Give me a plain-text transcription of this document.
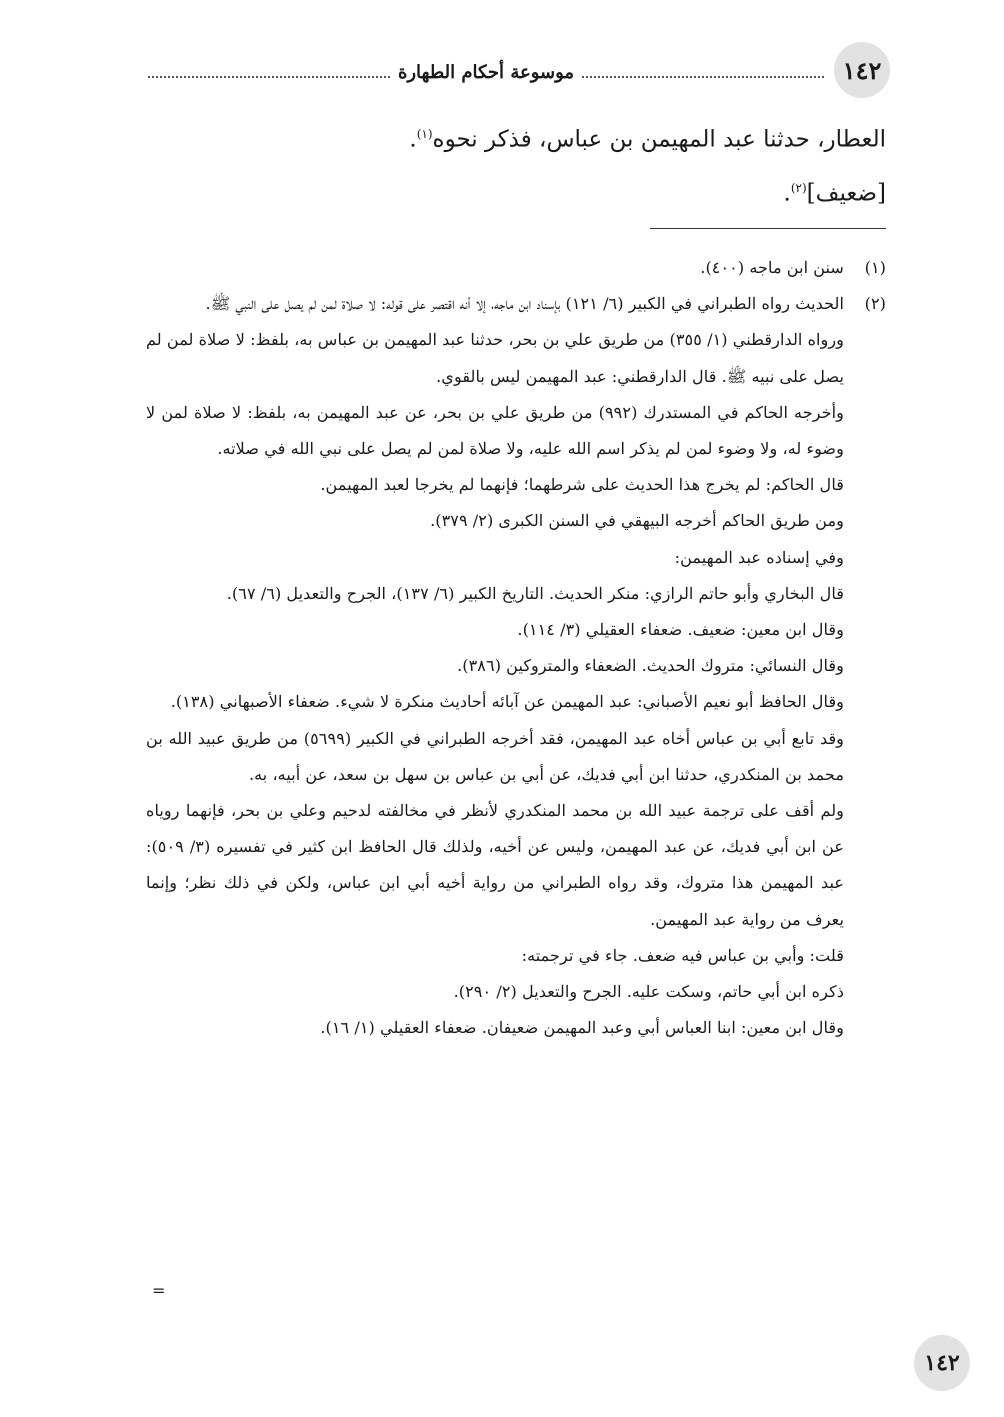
١٤٢
موسوعة أحكام الطهارة

العطار، حدثنا عبد المهيمن بن عباس، فذكر نحوه$^{(١)}$.

[ضعيف]$^{(٢)}$.

(١)
سنن ابن ماجه (٤٠٠).
(٢)
الحديث رواه الطبراني في الكبير (٦/ ١٢١) بإسناد ابن ماجه، إلا أنه اقتصر على قوله: لا صلاة لمن لم يصل على النبي ﷺ.
ورواه الدارقطني (١/ ٣٥٥) من طريق علي بن بحر، حدثنا عبد المهيمن بن عباس به، بلفظ: لا صلاة لمن لم يصل على نبيه ﷺ. قال الدارقطني: عبد المهيمن ليس بالقوي.
وأخرجه الحاكم في المستدرك (٩٩٢) من طريق علي بن بحر، عن عبد المهيمن به، بلفظ: لا صلاة لمن لا وضوء له، ولا وضوء لمن لم يذكر اسم الله عليه، ولا صلاة لمن لم يصل على نبي الله في صلاته.
قال الحاكم: لم يخرج هذا الحديث على شرطهما؛ فإنهما لم يخرجا لعبد المهيمن.
ومن طريق الحاكم أخرجه البيهقي في السنن الكبرى (٢/ ٣٧٩).
وفي إسناده عبد المهيمن:
قال البخاري وأبو حاتم الرازي: منكر الحديث. التاريخ الكبير (٦/ ١٣٧)، الجرح والتعديل (٦/ ٦٧).
وقال ابن معين: ضعيف. ضعفاء العقيلي (٣/ ١١٤).
وقال النسائي: متروك الحديث. الضعفاء والمتروكين (٣٨٦).
وقال الحافظ أبو نعيم الأصباني: عبد المهيمن عن آبائه أحاديث منكرة لا شيء. ضعفاء الأصبهاني (١٣٨).
وقد تابع أبي بن عباس أخاه عبد المهيمن، فقد أخرجه الطبراني في الكبير (٥٦٩٩) من طريق عبيد الله بن محمد بن المنكدري، حدثنا ابن أبي فديك، عن أبي بن عباس بن سهل بن سعد، عن أبيه، به.
ولم أقف على ترجمة عبيد الله بن محمد المنكدري لأنظر في مخالفته لدحيم وعلي بن بحر، فإنهما روياه عن ابن أبي فديك، عن عبد المهيمن، وليس عن أخيه، ولذلك قال الحافظ ابن كثير في تفسيره (٣/ ٥٠٩): عبد المهيمن هذا متروك، وقد رواه الطبراني من رواية أخيه أبي ابن عباس، ولكن في ذلك نظر؛ وإنما يعرف من رواية عبد المهيمن.
قلت: وأبي بن عباس فيه ضعف. جاء في ترجمته:
ذكره ابن أبي حاتم، وسكت عليه. الجرح والتعديل (٢/ ٢٩٠).
وقال ابن معين: ابنا العباس أبي وعبد المهيمن ضعيفان. ضعفاء العقيلي (١/ ١٦).
=
١٤٢
